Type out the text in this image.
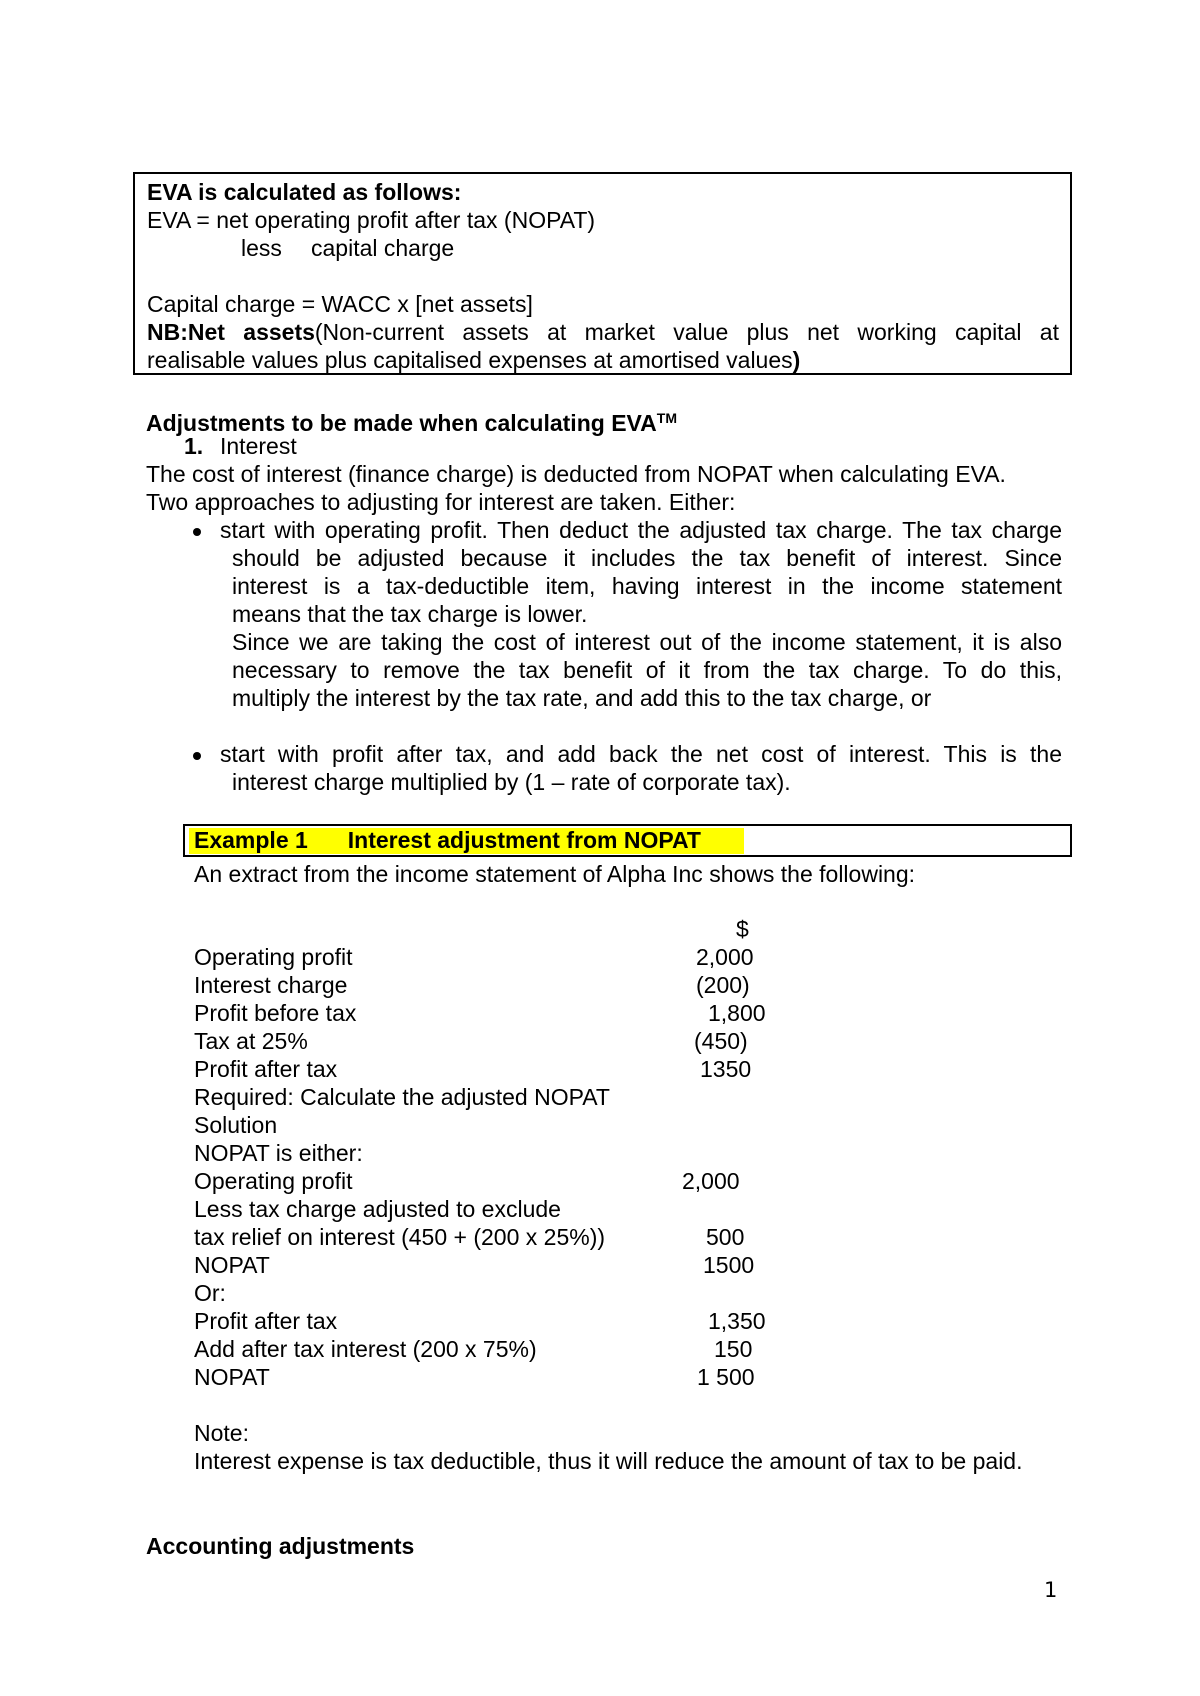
EVA is calculated as follows:
EVA = net operating profit after tax (NOPAT)
less capital charge
Capital charge = WACC x [net assets]
NB:Net assets(Non-current assets at market value plus net working capital at
realisable values plus capitalised expenses at amortised values)
Adjustments to be made when calculating EVA™
1. Interest
The cost of interest (finance charge) is deducted from NOPAT when calculating EVA.
Two approaches to adjusting for interest are taken. Either:
start with operating profit. Then deduct the adjusted tax charge. The tax charge
should be adjusted because it includes the tax benefit of interest. Since
interest is a tax-deductible item, having interest in the income statement
means that the tax charge is lower.
Since we are taking the cost of interest out of the income statement, it is also
necessary to remove the tax benefit of it from the tax charge. To do this,
multiply the interest by the tax rate, and add this to the tax charge, or
start with profit after tax, and add back the net cost of interest. This is the
interest charge multiplied by (1 – rate of corporate tax).
Example 1 Interest adjustment from NOPAT
An extract from the income statement of Alpha Inc shows the following:
$
Operating profit	2,000
Interest charge	(200)
Profit before tax	1,800
Tax at 25%	(450)
Profit after tax	1350
Required: Calculate the adjusted NOPAT
Solution
NOPAT is either:
Operating profit	2,000
Less tax charge adjusted to exclude
tax relief on interest (450 + (200 x 25%))	500
NOPAT	1500
Or:
Profit after tax	1,350
Add after tax interest (200 x 75%)	150
NOPAT	1 500
Note:
Interest expense is tax deductible, thus it will reduce the amount of tax to be paid.
Accounting adjustments
1
